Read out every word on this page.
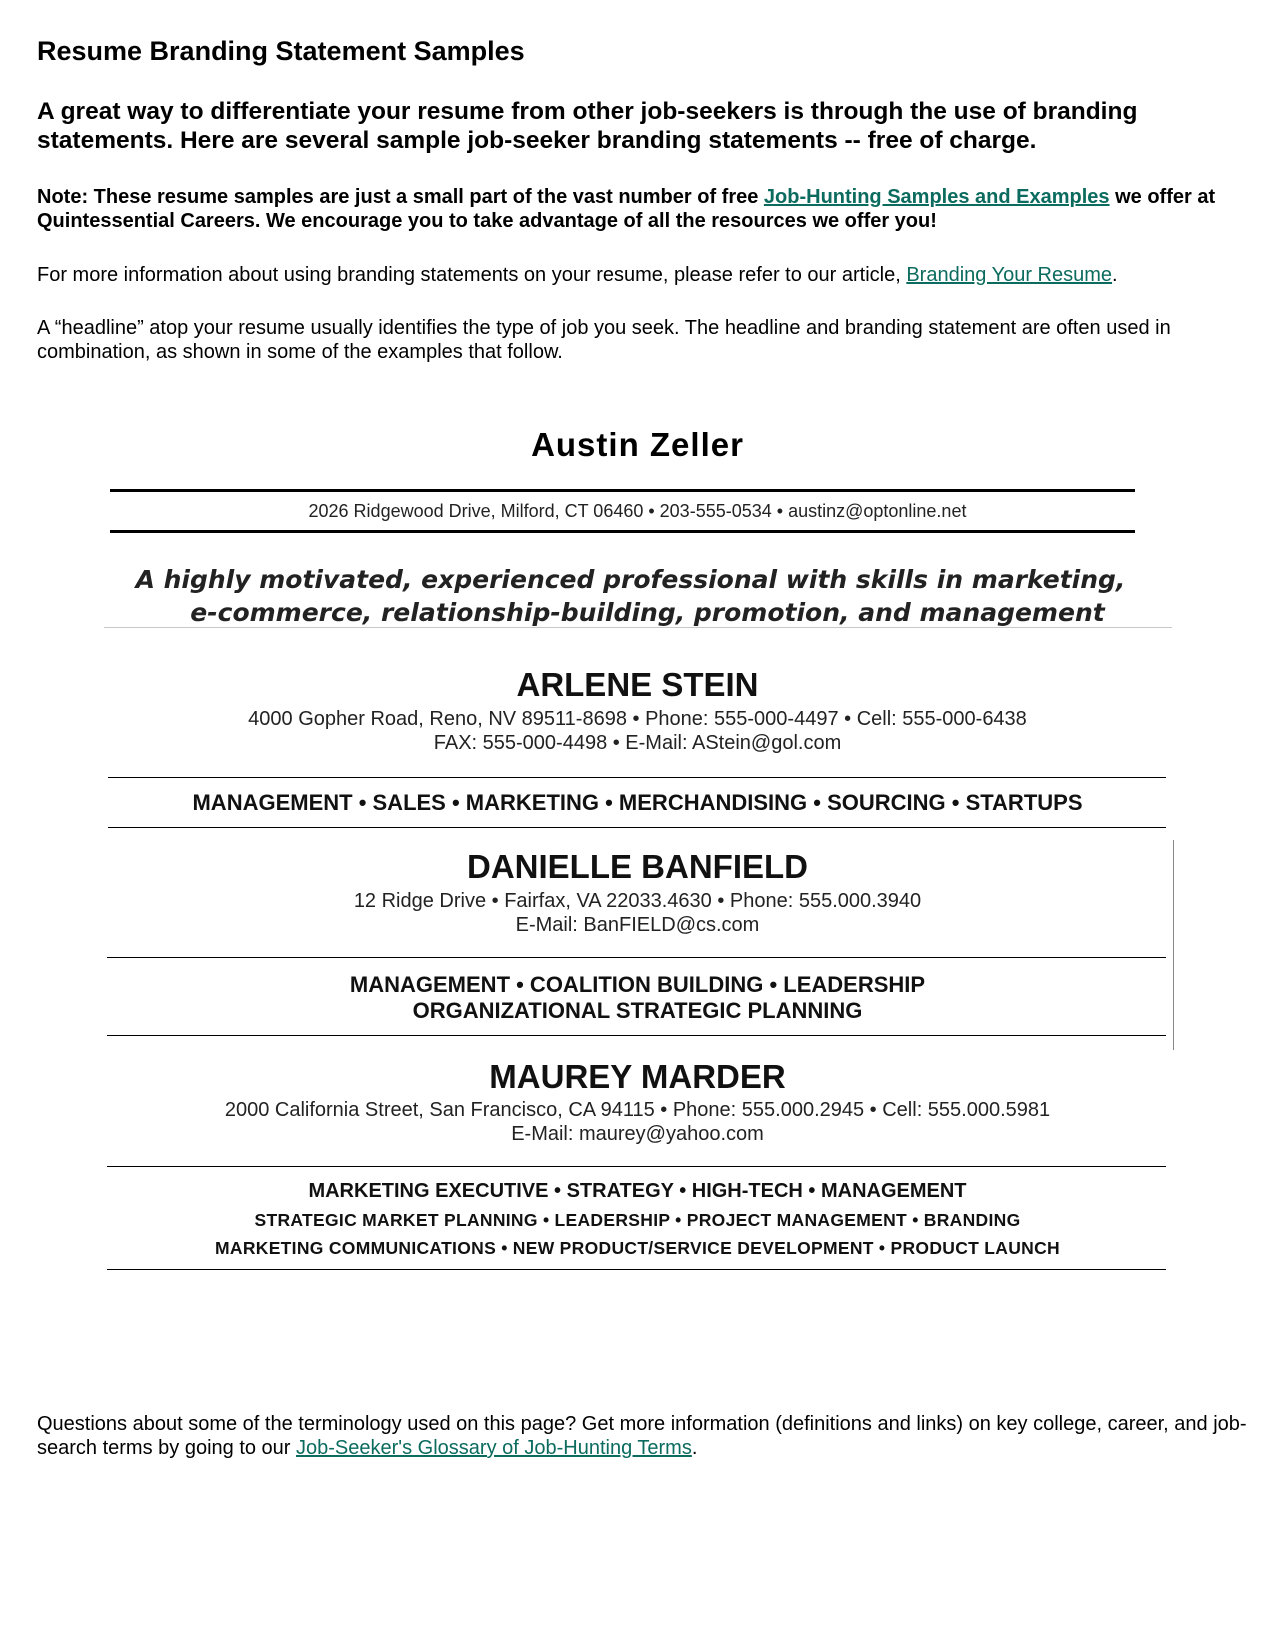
Resume Branding Statement Samples

A great way to differentiate your resume from other job-seekers is through the use of branding statements. Here are several sample job-seeker branding statements -- free of charge.

Note: These resume samples are just a small part of the vast number of free Job-Hunting Samples and Examples we offer at Quintessential Careers. We encourage you to take advantage of all the resources we offer you!

For more information about using branding statements on your resume, please refer to our article, Branding Your Resume.

A “headline” atop your resume usually identifies the type of job you seek. The headline and branding statement are often used in combination, as shown in some of the examples that follow.

Austin Zeller
2026 Ridgewood Drive, Milford, CT 06460 • 203-555-0534 • austinz@optonline.net
A highly motivated, experienced professional with skills in marketing,
e-commerce, relationship-building, promotion, and management
ARLENE STEIN
4000 Gopher Road, Reno, NV 89511-8698 • Phone: 555-000-4497 • Cell: 555-000-6438
FAX: 555-000-4498 • E-Mail: AStein@gol.com
MANAGEMENT • SALES • MARKETING • MERCHANDISING • SOURCING • STARTUPS
DANIELLE BANFIELD
12 Ridge Drive • Fairfax, VA 22033.4630 • Phone: 555.000.3940
E-Mail: BanFIELD@cs.com
MANAGEMENT • COALITION BUILDING • LEADERSHIP
ORGANIZATIONAL STRATEGIC PLANNING
MAUREY MARDER
2000 California Street, San Francisco, CA 94115 • Phone: 555.000.2945 • Cell: 555.000.5981
E-Mail: maurey@yahoo.com
MARKETING EXECUTIVE • STRATEGY • HIGH-TECH • MANAGEMENT
STRATEGIC MARKET PLANNING • LEADERSHIP • PROJECT MANAGEMENT • BRANDING
MARKETING COMMUNICATIONS • NEW PRODUCT/SERVICE DEVELOPMENT • PRODUCT LAUNCH

Questions about some of the terminology used on this page? Get more information (definitions and links) on key college, career, and job-search terms by going to our Job-Seeker's Glossary of Job-Hunting Terms.
